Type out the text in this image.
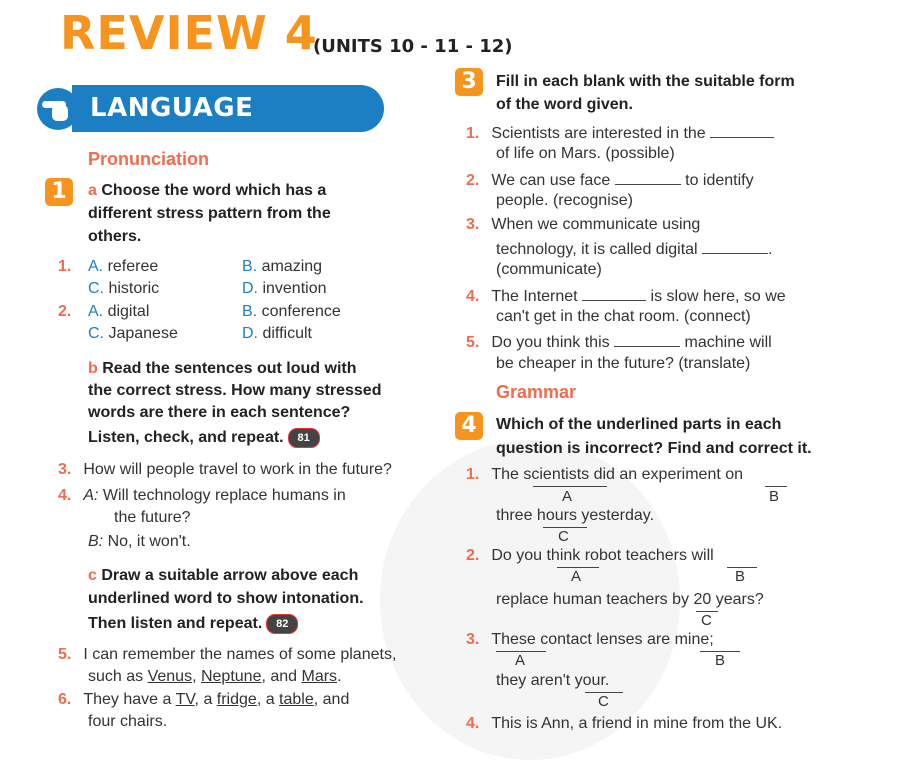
REVIEW 4
(UNITS 10 - 11 - 12)
LANGUAGE
Pronunciation
1	a Choose the word which has a
different stress pattern from the
others.
1. A. referee	B. amazing
C. historic	D. invention
2. A. digital	B. conference
C. Japanese	D. difficult
b Read the sentences out loud with
the correct stress. How many stressed
words are there in each sentence?
Listen, check, and repeat. 81
3. How will people travel to work in the future?
4. A: Will technology replace humans in
the future?
B: No, it won't.
c Draw a suitable arrow above each
underlined word to show intonation.
Then listen and repeat. 82
5. I can remember the names of some planets,
such as Venus, Neptune, and Mars.
6. They have a TV, a fridge, a table, and
four chairs.
3	Fill in each blank with the suitable form
of the word given.
1. Scientists are interested in the
of life on Mars. (possible)
2. We can use face	to identify
people. (recognise)
3. When we communicate using
technology, it is called digital	.
(communicate)
4. The Internet	is slow here, so we
can't get in the chat room. (connect)
5. Do you think this	machine will
be cheaper in the future? (translate)
Grammar
4	Which of the underlined parts in each
question is incorrect? Find and correct it.
1. The scientists did an experiment on
A	B
three hours yesterday.
C
2. Do you think robot teachers will
A	B
replace human teachers by 20 years?
C
3. These contact lenses are mine;
A	B
they aren't your.
C
4. This is Ann, a friend in mine from the UK.
